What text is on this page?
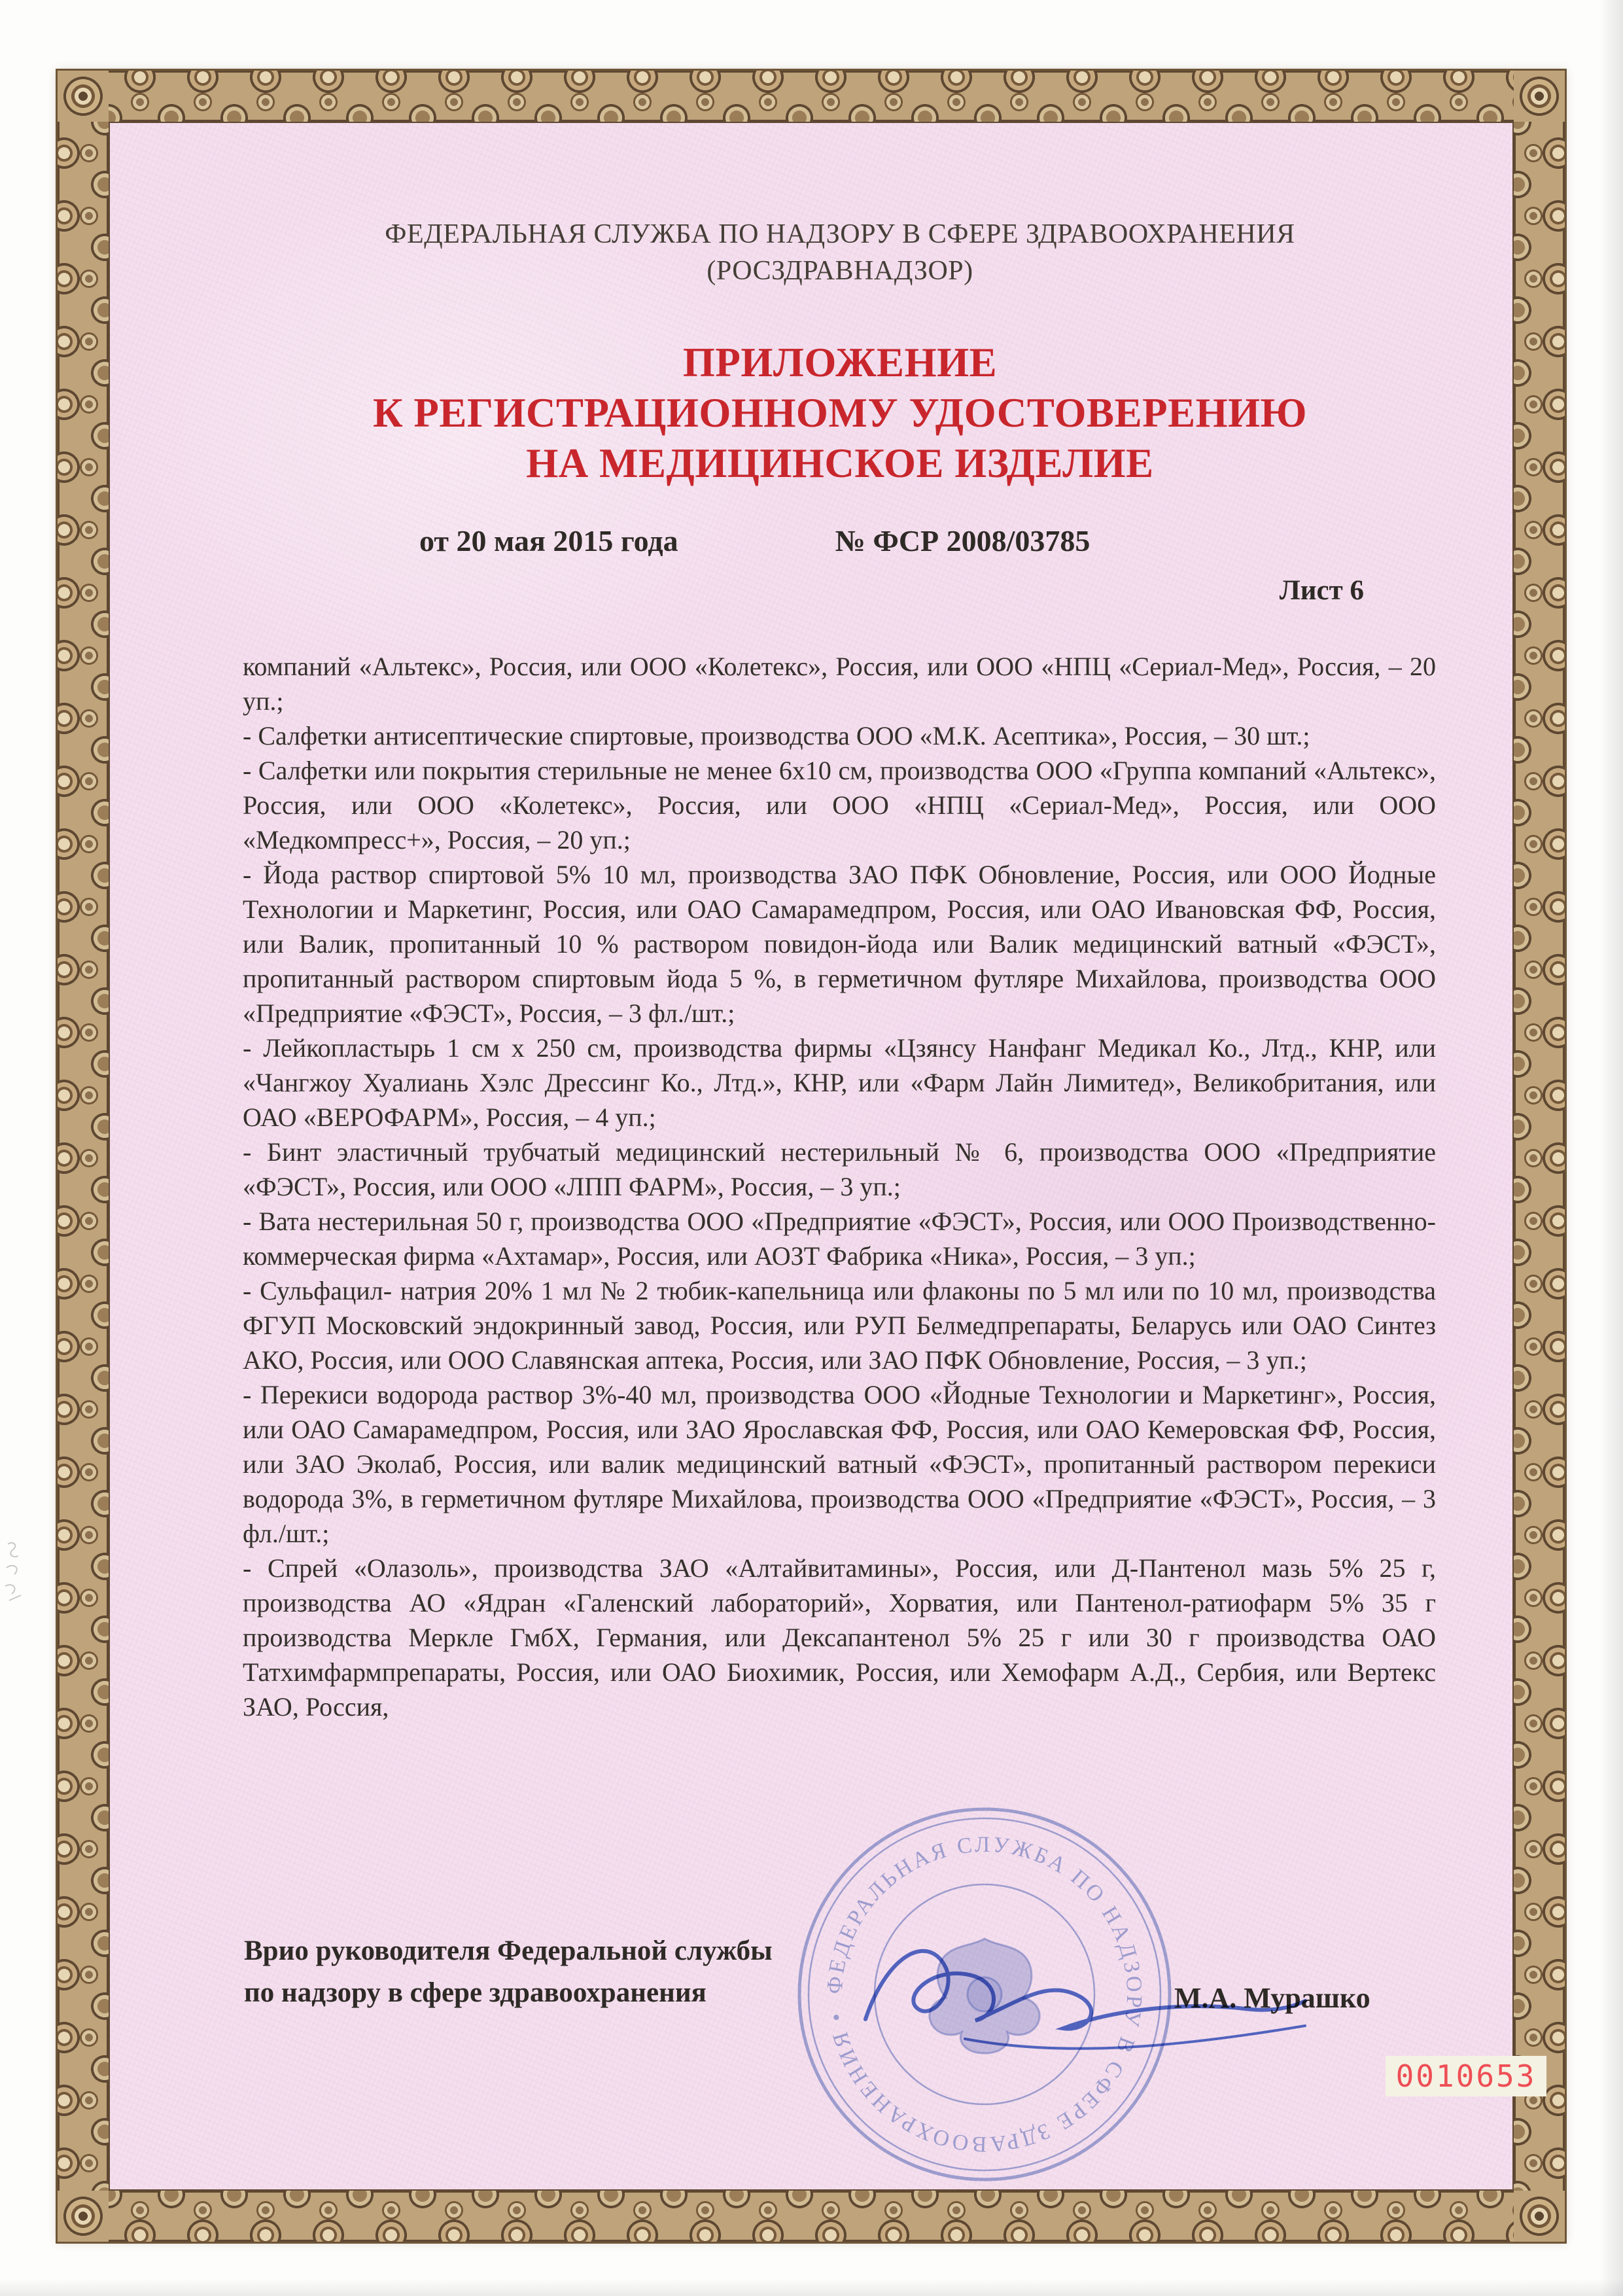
ФЕДЕРАЛЬНАЯ СЛУЖБА ПО НАДЗОРУ В СФЕРЕ ЗДРАВООХРАНЕНИЯ
(РОСЗДРАВНАДЗОР)
ПРИЛОЖЕНИЕ
К РЕГИСТРАЦИОННОМУ УДОСТОВЕРЕНИЮ
НА МЕДИЦИНСКОЕ ИЗДЕЛИЕ
от 20 мая 2015 года	№ ФСР 2008/03785
Лист 6

компаний «Альтекс», Россия, или ООО «Колетекс», Россия, или ООО «НПЦ «Сериал-Мед», Россия, – 20 уп.;

- Салфетки антисептические спиртовые, производства ООО «М.К. Асептика», Россия, – 30 шт.;

- Салфетки или покрытия стерильные не менее 6х10 см, производства ООО «Группа компаний «Альтекс», Россия, или ООО «Колетекс», Россия, или ООО «НПЦ «Сериал-Мед», Россия, или ООО «Медкомпресс+», Россия, – 20 уп.;

- Йода раствор спиртовой 5% 10 мл, производства ЗАО ПФК Обновление, Россия, или ООО Йодные Технологии и Маркетинг, Россия, или ОАО Самарамедпром, Россия, или ОАО Ивановская ФФ, Россия, или Валик, пропитанный 10 % раствором повидон-йода или Валик медицинский ватный «ФЭСТ», пропитанный раствором спиртовым йода 5 %, в герметичном футляре Михайлова, производства ООО «Предприятие «ФЭСТ», Россия, – 3 фл./шт.;

- Лейкопластырь 1 см х 250 см, производства фирмы «Цзянсу Нанфанг Медикал Ко., Лтд., КНР, или «Чангжоу Хуалиань Хэлс Дрессинг Ко., Лтд.», КНР, или «Фарм Лайн Лимитед», Великобритания, или ОАО «ВЕРОФАРМ», Россия, – 4 уп.;

- Бинт эластичный трубчатый медицинский нестерильный № 6, производства ООО «Предприятие «ФЭСТ», Россия, или ООО «ЛПП ФАРМ», Россия, – 3 уп.;

- Вата нестерильная 50 г, производства ООО «Предприятие «ФЭСТ», Россия, или ООО Производственно-коммерческая фирма «Ахтамар», Россия, или АОЗТ Фабрика «Ника», Россия, – 3 уп.;

- Сульфацил- натрия 20% 1 мл № 2 тюбик-капельница или флаконы по 5 мл или по 10 мл, производства ФГУП Московский эндокринный завод, Россия, или РУП Белмедпрепараты, Беларусь или ОАО Синтез АКО, Россия, или ООО Славянская аптека, Россия, или ЗАО ПФК Обновление, Россия, – 3 уп.;

- Перекиси водорода раствор 3%-40 мл, производства ООО «Йодные Технологии и Маркетинг», Россия, или ОАО Самарамедпром, Россия, или ЗАО Ярославская ФФ, Россия, или ОАО Кемеровская ФФ, Россия, или ЗАО Эколаб, Россия, или валик медицинский ватный «ФЭСТ», пропитанный раствором перекиси водорода 3%, в герметичном футляре Михайлова, производства ООО «Предприятие «ФЭСТ», Россия, – 3 фл./шт.;

- Спрей «Олазоль», производства ЗАО «Алтайвитамины», Россия, или Д-Пантенол мазь 5% 25 г, производства АО «Ядран «Галенский лабораторий», Хорватия, или Пантенол-ратиофарм 5% 35 г производства Меркле ГмбХ, Германия, или Дексапантенол 5% 25 г или 30 г производства ОАО Татхимфармпрепараты, Россия, или ОАО Биохимик, Россия, или Хемофарм А.Д., Сербия, или Вертекс ЗАО, Россия,

Врио руководителя Федеральной службы
по надзору в сфере здравоохранения	М.А. Мурашко
ФЕДЕРАЛЬНАЯ СЛУЖБА ПО НАДЗОРУ В СФЕРЕ ЗДРАВООХРАНЕНИЯ •
0010653
